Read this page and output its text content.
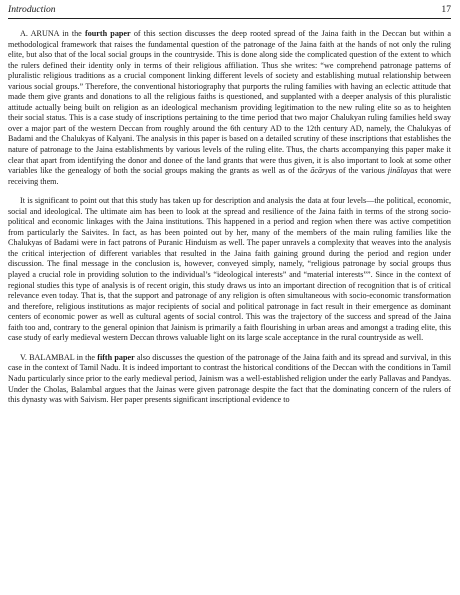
Introduction	17

A. ARUNA in the fourth paper of this section discusses the deep rooted spread of the Jaina faith in the Deccan but within a methodological framework that raises the fundamental question of the patronage of the Jaina faith at the hands of not only the ruling elite, but also that of the local social groups in the countryside. This is done along side the complicated question of the extent to which the rulers defined their identity only in terms of their religious affiliation. Thus she writes: “we comprehend patronage patterns of pluralistic religious traditions as a crucial component linking different levels of society and establishing mutual relationship between various social groups.” Therefore, the conventional historiography that purports the ruling families with having an eclectic attitude that made them give grants and donations to all the religious faiths is questioned, and supplanted with a deeper analysis of this pluralistic attitude actually being built on religion as an ideological mechanism providing legitimation to the new ruling elite so as to heighten their social status. This is a case study of inscriptions pertaining to the time period that two major Chalukyan ruling families held sway over a major part of the western Deccan from roughly around the 6th century AD to the 12th century AD, namely, the Chalukyas of Badami and the Chalukyas of Kalyani. The analysis in this paper is based on a detailed scrutiny of these inscriptions that establishes the nature of patronage to the Jaina establishments by various levels of the ruling elite. Thus, the charts accompanying this paper make it clear that apart from identifying the donor and donee of the land grants that were thus given, it is also important to look at some other variables like the genealogy of both the social groups making the grants as well as of the ācāryas of the various jinālayas that were receiving them.

It is significant to point out that this study has taken up for description and analysis the data at four levels—the political, economic, social and ideological. The ultimate aim has been to look at the spread and resilience of the Jaina faith in terms of the strong socio-political and economic linkages with the Jaina institutions. This happened in a period and region when there was active competition from particularly the Saivites. In fact, as has been pointed out by her, many of the members of the main ruling families like the Chalukyas of Badami were in fact patrons of Puranic Hinduism as well. The paper unravels a complexity that weaves into the analysis the critical interjection of different variables that resulted in the Jaina faith gaining ground during the period and region under discussion. The final message in the conclusion is, however, conveyed simply, namely, “religious patronage by social groups thus played a crucial role in providing solution to the individual’s “ideological interests” and “material interests””. Since in the context of regional studies this type of analysis is of recent origin, this study draws us into an important direction of recognition that is of critical relevance even today. That is, that the support and patronage of any religion is often simultaneous with socio-economic transformation and therefore, religious institutions as major recipients of social and political patronage in fact result in their emergence as dominant centers of economic power as well as cultural agents of social control. This was the trajectory of the success and spread of the Jaina faith too and, contrary to the general opinion that Jainism is primarily a faith flourishing in urban areas and amongst a trading elite, this case study of early medieval western Deccan throws valuable light on its large scale acceptance in the rural countryside as well.

V. BALAMBAL in the fifth paper also discusses the question of the patronage of the Jaina faith and its spread and survival, in this case in the context of Tamil Nadu. It is indeed important to contrast the historical conditions of the Deccan with the conditions in Tamil Nadu particularly since prior to the early medieval period, Jainism was a well-established religion under the early Pallavas and Pandyas. Under the Cholas, Balambal argues that the Jainas were given patronage despite the fact that the dominating concern of the rulers of this dynasty was with Saivism. Her paper presents significant inscriptional evidence to
